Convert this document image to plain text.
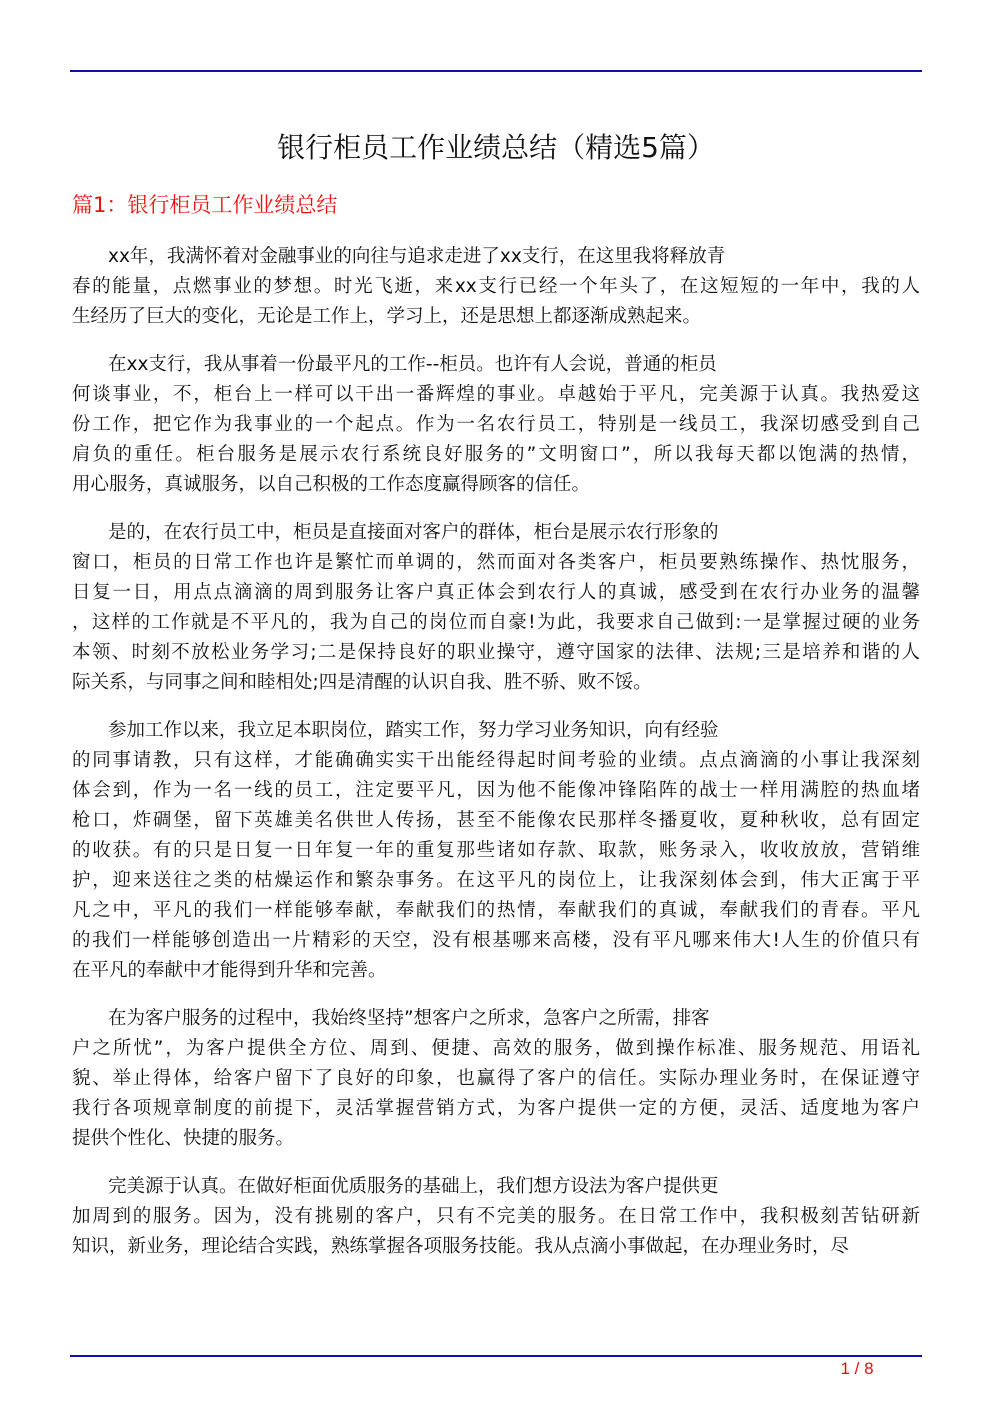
银行柜员工作业绩总结（精选5篇）
篇1：银行柜员工作业绩总结
xx年，我满怀着对金融事业的向往与追求走进了xx支行，在这里我将释放青
春的能量，点燃事业的梦想。时光飞逝，来xx支行已经一个年头了，在这短短的一年中，我的人
生经历了巨大的变化，无论是工作上，学习上，还是思想上都逐渐成熟起来。
在xx支行，我从事着一份最平凡的工作--柜员。也许有人会说，普通的柜员
何谈事业，不，柜台上一样可以干出一番辉煌的事业。卓越始于平凡，完美源于认真。我热爱这
份工作，把它作为我事业的一个起点。作为一名农行员工，特别是一线员工，我深切感受到自己
肩负的重任。柜台服务是展示农行系统良好服务的”文明窗口”，所以我每天都以饱满的热情，
用心服务，真诚服务，以自己积极的工作态度赢得顾客的信任。
是的，在农行员工中，柜员是直接面对客户的群体，柜台是展示农行形象的
窗口，柜员的日常工作也许是繁忙而单调的，然而面对各类客户，柜员要熟练操作、热忱服务，
日复一日，用点点滴滴的周到服务让客户真正体会到农行人的真诚，感受到在农行办业务的温馨
，这样的工作就是不平凡的，我为自己的岗位而自豪!为此，我要求自己做到:一是掌握过硬的业务
本领、时刻不放松业务学习;二是保持良好的职业操守，遵守国家的法律、法规;三是培养和谐的人
际关系，与同事之间和睦相处;四是清醒的认识自我、胜不骄、败不馁。
参加工作以来，我立足本职岗位，踏实工作，努力学习业务知识，向有经验
的同事请教，只有这样，才能确确实实干出能经得起时间考验的业绩。点点滴滴的小事让我深刻
体会到，作为一名一线的员工，注定要平凡，因为他不能像冲锋陷阵的战士一样用满腔的热血堵
枪口，炸碉堡，留下英雄美名供世人传扬，甚至不能像农民那样冬播夏收，夏种秋收，总有固定
的收获。有的只是日复一日年复一年的重复那些诸如存款、取款，账务录入，收收放放，营销维
护，迎来送往之类的枯燥运作和繁杂事务。在这平凡的岗位上，让我深刻体会到，伟大正寓于平
凡之中，平凡的我们一样能够奉献，奉献我们的热情，奉献我们的真诚，奉献我们的青春。平凡
的我们一样能够创造出一片精彩的天空，没有根基哪来高楼，没有平凡哪来伟大!人生的价值只有
在平凡的奉献中才能得到升华和完善。
在为客户服务的过程中，我始终坚持”想客户之所求，急客户之所需，排客
户之所忧”，为客户提供全方位、周到、便捷、高效的服务，做到操作标准、服务规范、用语礼
貌、举止得体，给客户留下了良好的印象，也赢得了客户的信任。实际办理业务时，在保证遵守
我行各项规章制度的前提下，灵活掌握营销方式，为客户提供一定的方便，灵活、适度地为客户
提供个性化、快捷的服务。
完美源于认真。在做好柜面优质服务的基础上，我们想方设法为客户提供更
加周到的服务。因为，没有挑剔的客户，只有不完美的服务。在日常工作中，我积极刻苦钻研新
知识，新业务，理论结合实践，熟练掌握各项服务技能。我从点滴小事做起，在办理业务时，尽
1 / 8
